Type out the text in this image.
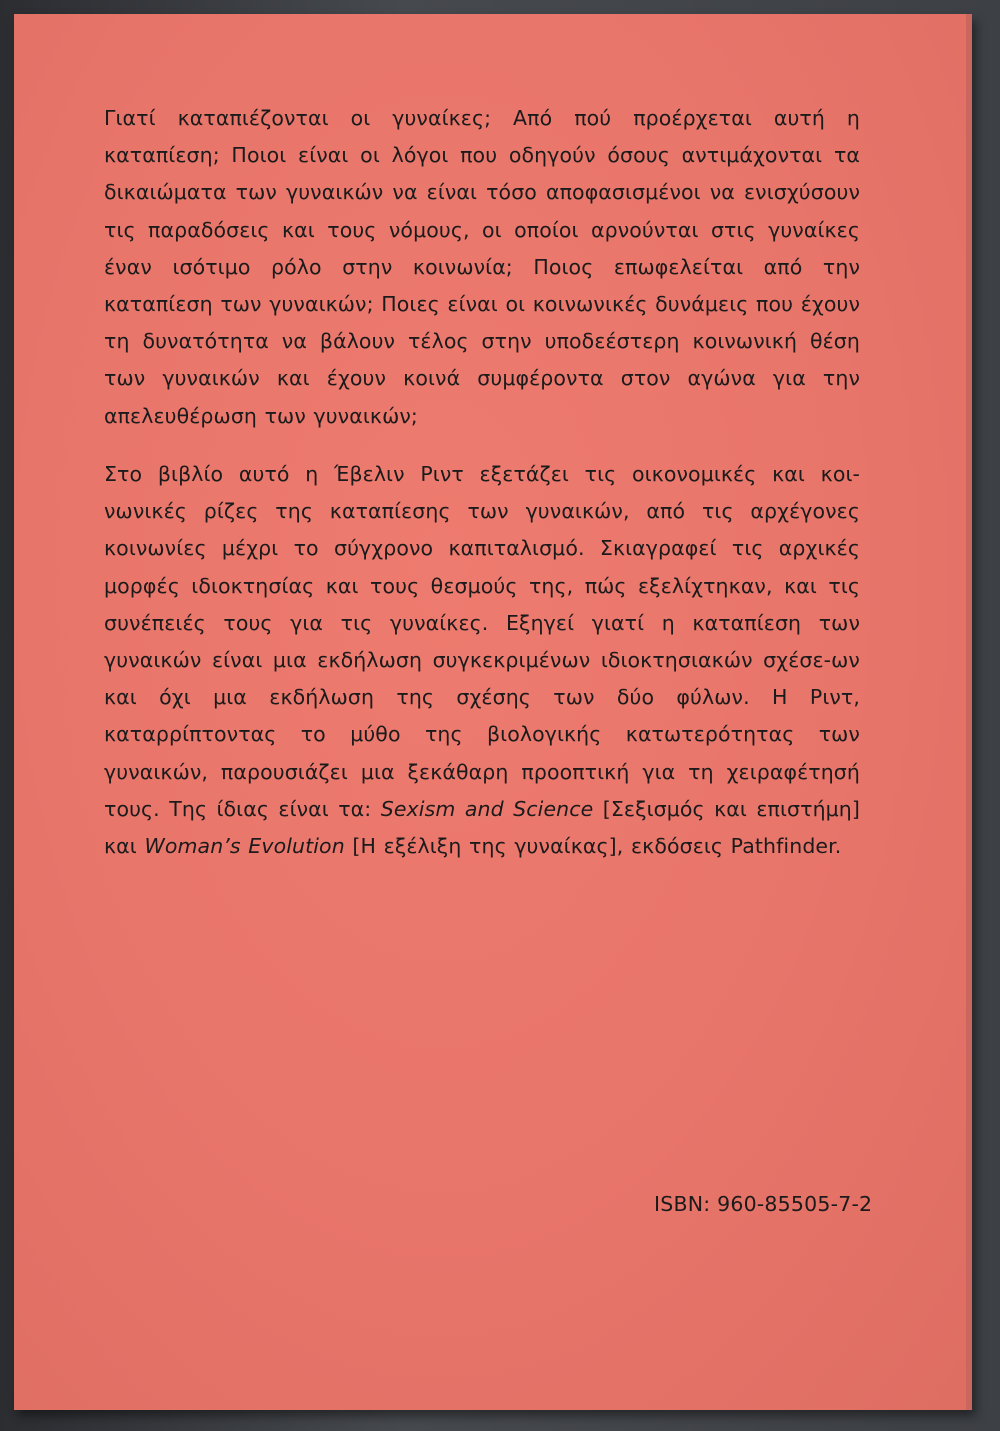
Γιατί καταπιέζονται οι γυναίκες; Από πού προέρχεται αυτή η καταπίεση; Ποιοι είναι οι λόγοι που οδηγούν όσους αντιμάχονται τα δικαιώματα των γυναικών να είναι τόσο αποφασισμένοι να ενισχύσουν τις παραδόσεις και τους νόμους, οι οποίοι αρνούνται στις γυναίκες έναν ισότιμο ρόλο στην κοινωνία; Ποιος επωφελείται από την καταπίεση των γυναικών; Ποιες είναι οι κοινωνικές δυνάμεις που έχουν τη δυνατότητα να βάλουν τέλος στην υποδεέστερη κοινωνική θέση των γυναικών και έχουν κοινά συμφέροντα στον αγώνα για την απελευθέρωση των γυναικών;

Στο βιβλίο αυτό η Έβελιν Ριντ εξετάζει τις οικονομικές και κοι-νωνικές ρίζες της καταπίεσης των γυναικών, από τις αρχέγονες κοινωνίες μέχρι το σύγχρονο καπιταλισμό. Σκιαγραφεί τις αρχικές μορφές ιδιοκτησίας και τους θεσμούς της, πώς εξελίχτηκαν, και τις συνέπειές τους για τις γυναίκες. Εξηγεί γιατί η καταπίεση των γυναικών είναι μια εκδήλωση συγκεκριμένων ιδιοκτησιακών σχέσε-ων και όχι μια εκδήλωση της σχέσης των δύο φύλων. Η Ριντ, καταρρίπτοντας το μύθο της βιολογικής κατωτερότητας των γυναικών, παρουσιάζει μια ξεκάθαρη προοπτική για τη χειραφέτησή τους. Της ίδιας είναι τα: Sexism and Science [Σεξισμός και επιστήμη] και Woman’s Evolution [Η εξέλιξη της γυναίκας], εκδόσεις Pathfinder.

ISBN: 960-85505-7-2
